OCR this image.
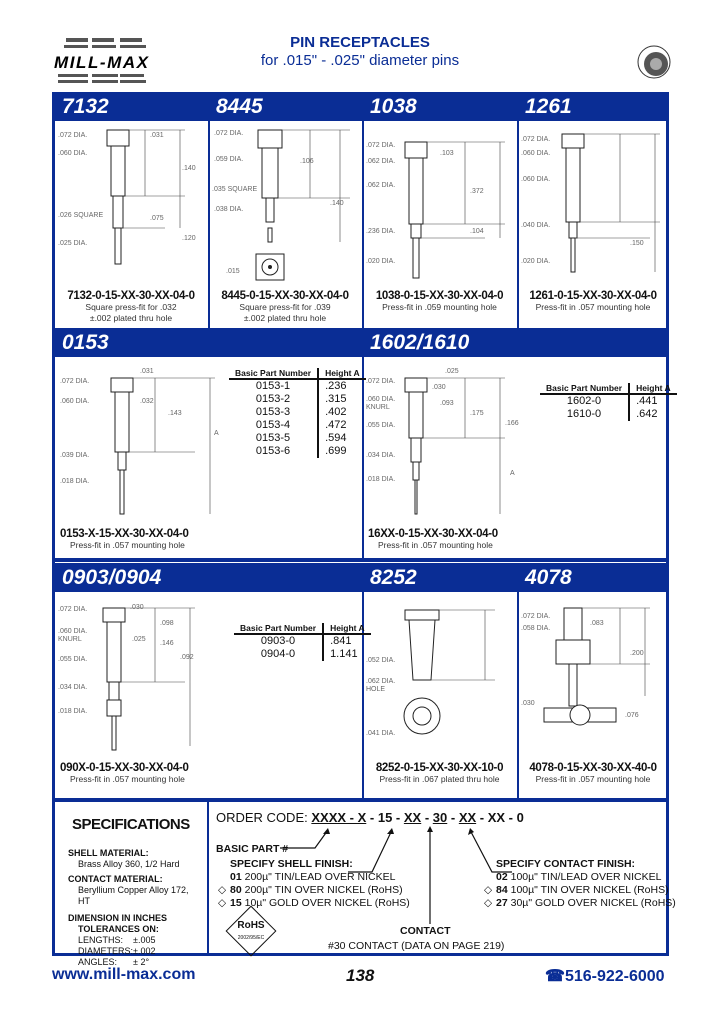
MILL-MAX
PIN RECEPTACLES
for .015" - .025" diameter pins
7132	8445	1038	1261
.072 DIA.	.031
.060 DIA.
.140
.026 SQUARE	.075
.025 DIA.
.120
.072 DIA.
.059 DIA.	.106
.035 SQUARE
.038 DIA.
.140
.015
.072 DIA.
.062 DIA.
.062 DIA.
.103
.372
.236 DIA.	.104
.020 DIA.
.072 DIA.
.060 DIA.
.060 DIA.
.150
.040 DIA.
.020 DIA.
7132-0-15-XX-30-XX-04-0
Square press-fit for .032 ±.002 plated thru hole
8445-0-15-XX-30-XX-04-0
Square press-fit for .039 ±.002 plated thru hole
1038-0-15-XX-30-XX-04-0
Press-fit in .059 mounting hole
1261-0-15-XX-30-XX-04-0
Press-fit in .057 mounting hole
0153	1602/1610
.072 DIA.
.031
.060 DIA.	.032
.143
.039 DIA.
.018 DIA.
A
.072 DIA.
.025
.030
.060 DIA. KNURL
.093
.055 DIA.
.175
.166
.034 DIA.
.018 DIA.
A
Basic Part Number	Height A
0153-1	.236
0153-2	.315
0153-3	.402
0153-4	.472
0153-5	.594
0153-6	.699
Basic Part Number	Height A
1602-0	.441
1610-0	.642
0153-X-15-XX-30-XX-04-0
Press-fit in .057 mounting hole
16XX-0-15-XX-30-XX-04-0
Press-fit in .057 mounting hole
0903/0904	8252	4078
.072 DIA.	.030
.060 DIA. KNURL	.025
.098
.055 DIA.
.146
.092
.034 DIA.
.018 DIA.
.052 DIA.
.062 DIA. HOLE
.041 DIA.
.072 DIA.
.058 DIA.
.083
.200
.076
.030
Basic Part Number	Height A
0903-0	.841
0904-0	1.141
090X-0-15-XX-30-XX-04-0
Press-fit in .057 mounting hole
8252-0-15-XX-30-XX-10-0
Press-fit in .067 plated thru hole
4078-0-15-XX-30-XX-40-0
Press-fit in .057 mounting hole
SPECIFICATIONS
SHELL MATERIAL:
Brass Alloy 360, 1/2 Hard
CONTACT MATERIAL:
Beryllium Copper Alloy 172, HT
DIMENSION IN INCHES
TOLERANCES ON:
LENGTHS: ±.005
DIAMETERS:±.002
ANGLES: ± 2°
RoHS
2002/95/EC
ORDER CODE: XXXX - X - 15 - XX - 30 - XX - XX - 0
BASIC PART #
SPECIFY SHELL FINISH:
01 200µ" TIN/LEAD OVER NICKEL
◇ 80 200µ" TIN OVER NICKEL (RoHS)
◇ 15 10µ" GOLD OVER NICKEL (RoHS)
SPECIFY CONTACT FINISH:
02 100µ" TIN/LEAD OVER NICKEL
◇ 84 100µ" TIN OVER NICKEL (RoHS)
◇ 27 30µ" GOLD OVER NICKEL (RoHS)
CONTACT
#30 CONTACT (DATA ON PAGE 219)
www.mill-max.com	138	☎516-922-6000
